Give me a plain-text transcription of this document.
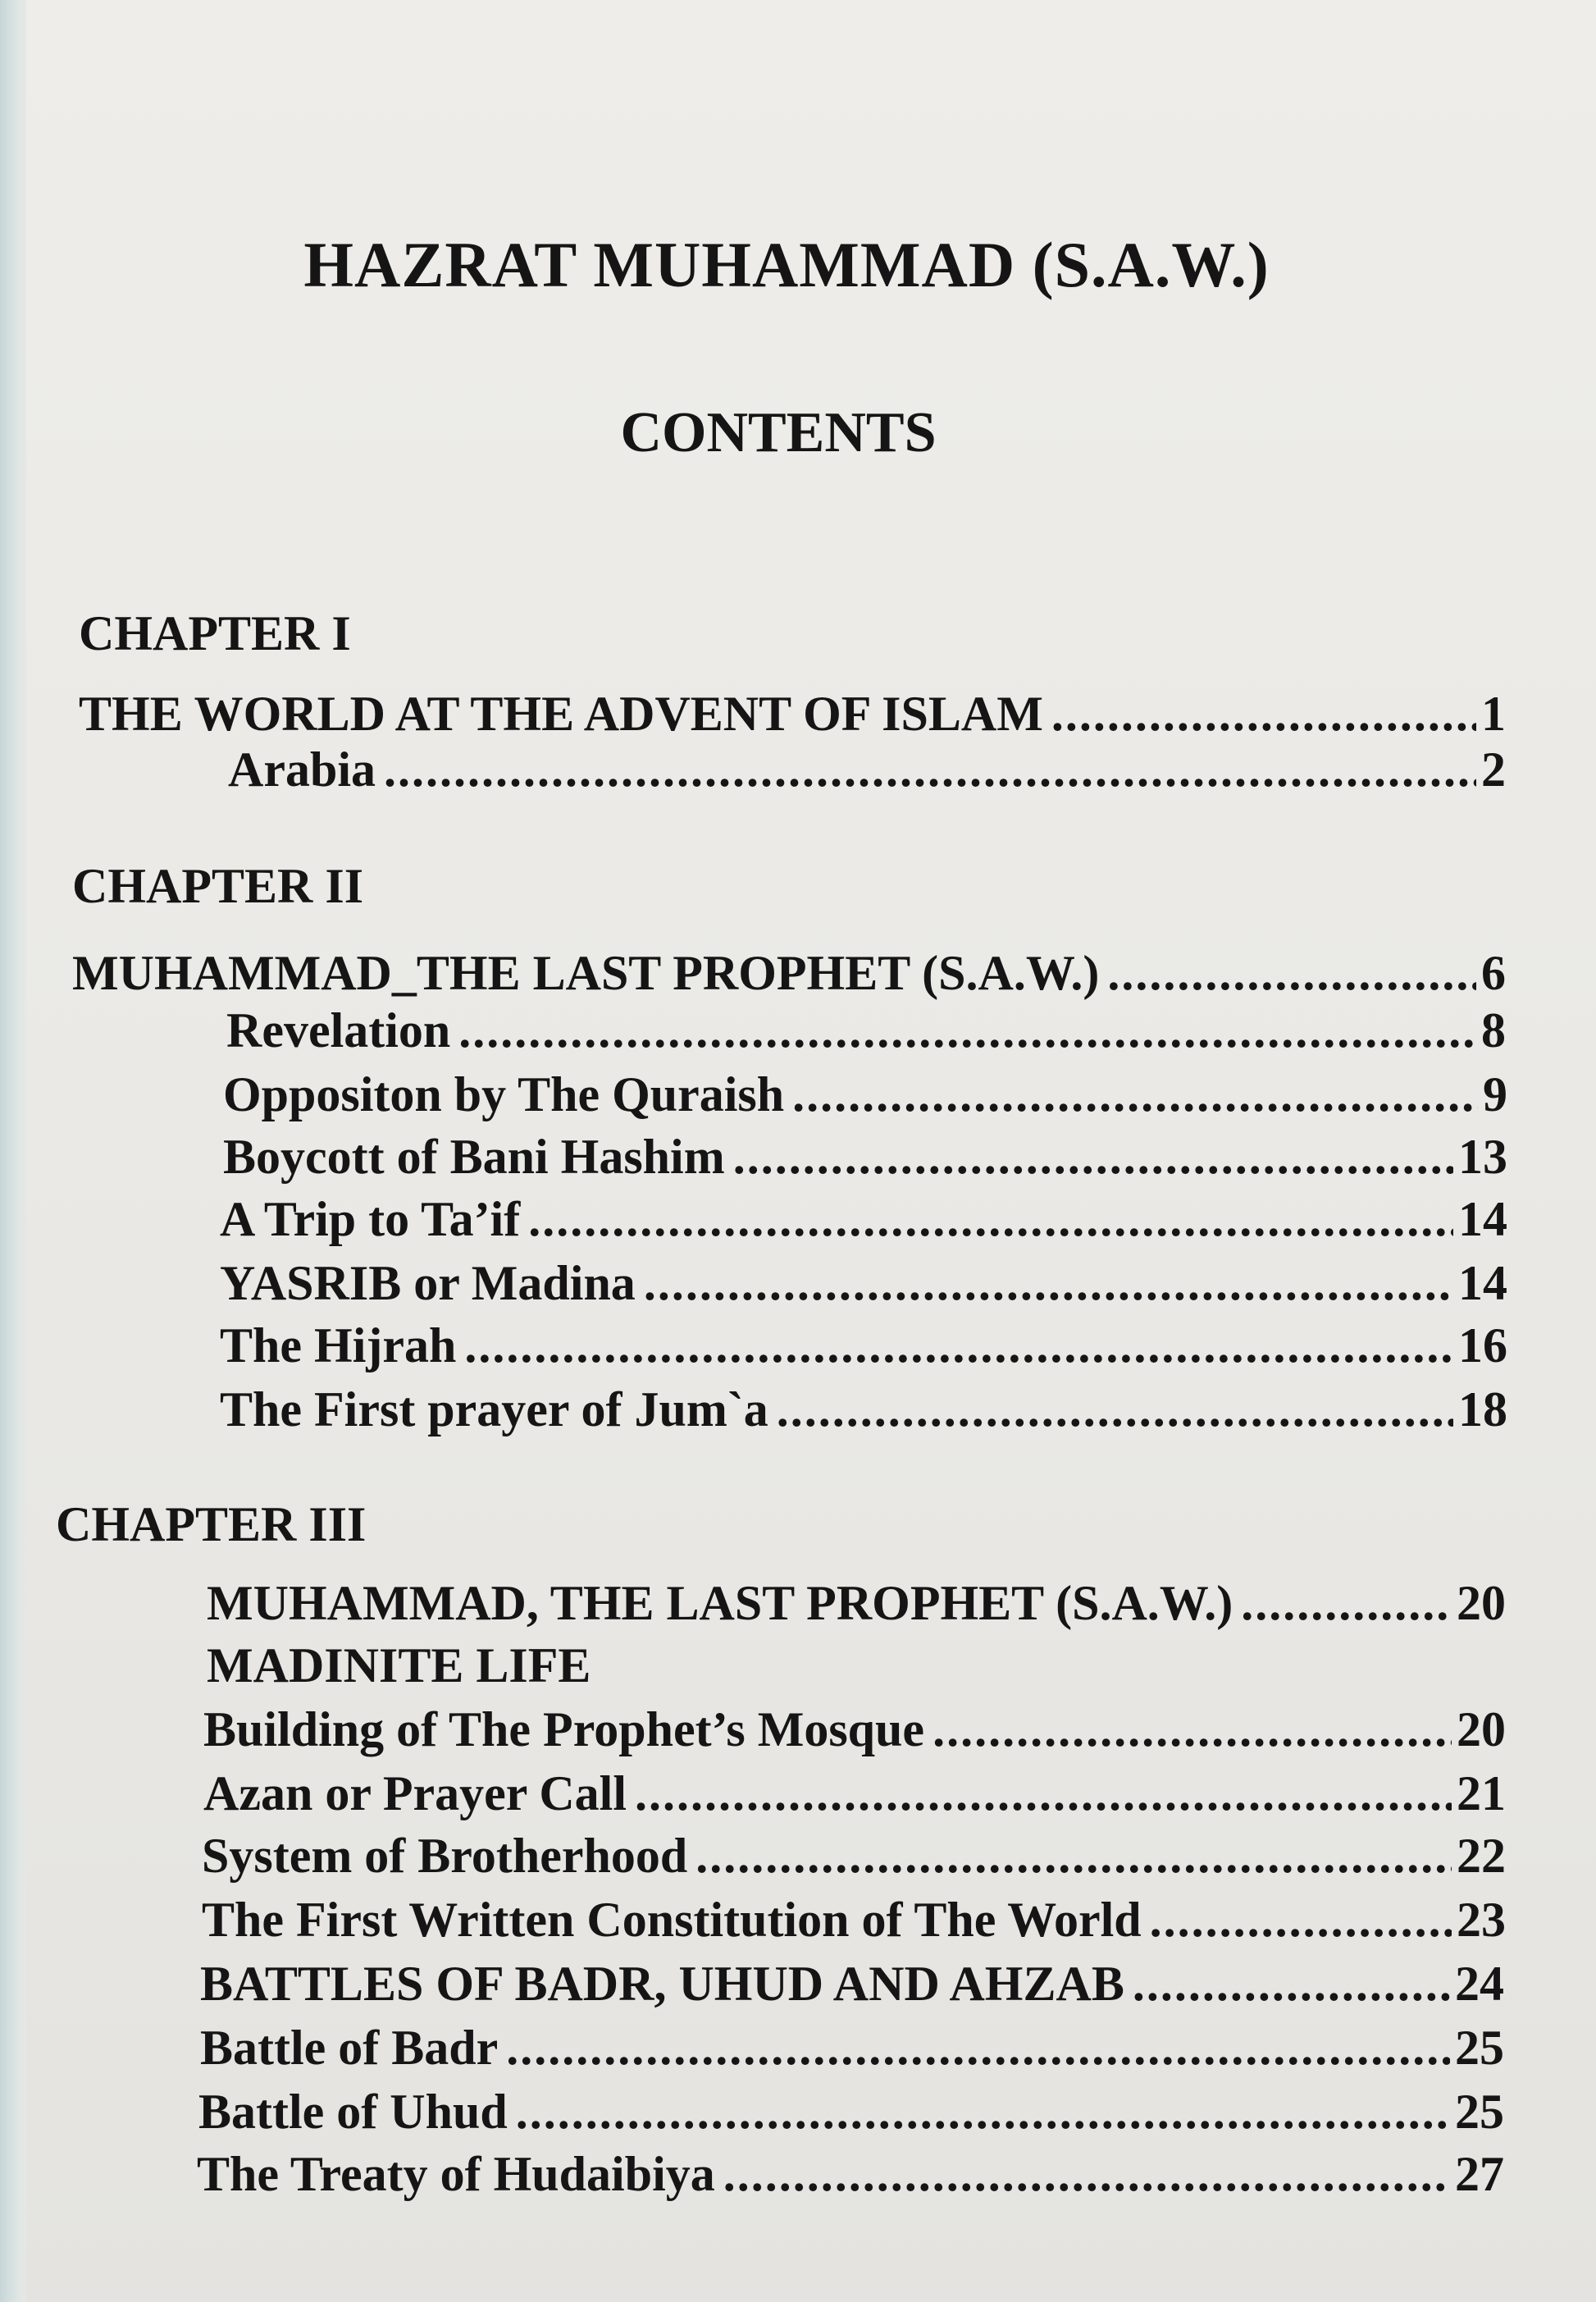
HAZRAT MUHAMMAD (S.A.W.)
CONTENTS
CHAPTER I
THE WORLD AT THE ADVENT OF ISLAM .....	1
Arabia .....	2
CHAPTER II
MUHAMMAD_THE LAST PROPHET (S.A.W.) .....	6
Revelation .....	8
Oppositon by The Quraish .....	9
Boycott of Bani Hashim .....	13
A Trip to Ta’if .....	14
YASRIB or Madina .....	14
The Hijrah .....	16
The First prayer of Jum`a .....	18
CHAPTER III
MUHAMMAD, THE LAST PROPHET (S.A.W.) .....	20
MADINITE LIFE
Building of The Prophet’s Mosque .....	20
Azan or Prayer Call .....	21
System of Brotherhood .....	22
The First Written Constitution of The World .....	23
BATTLES OF BADR, UHUD AND AHZAB .....	24
Battle of Badr .....	25
Battle of Uhud .....	25
The Treaty of Hudaibiya .....	27
